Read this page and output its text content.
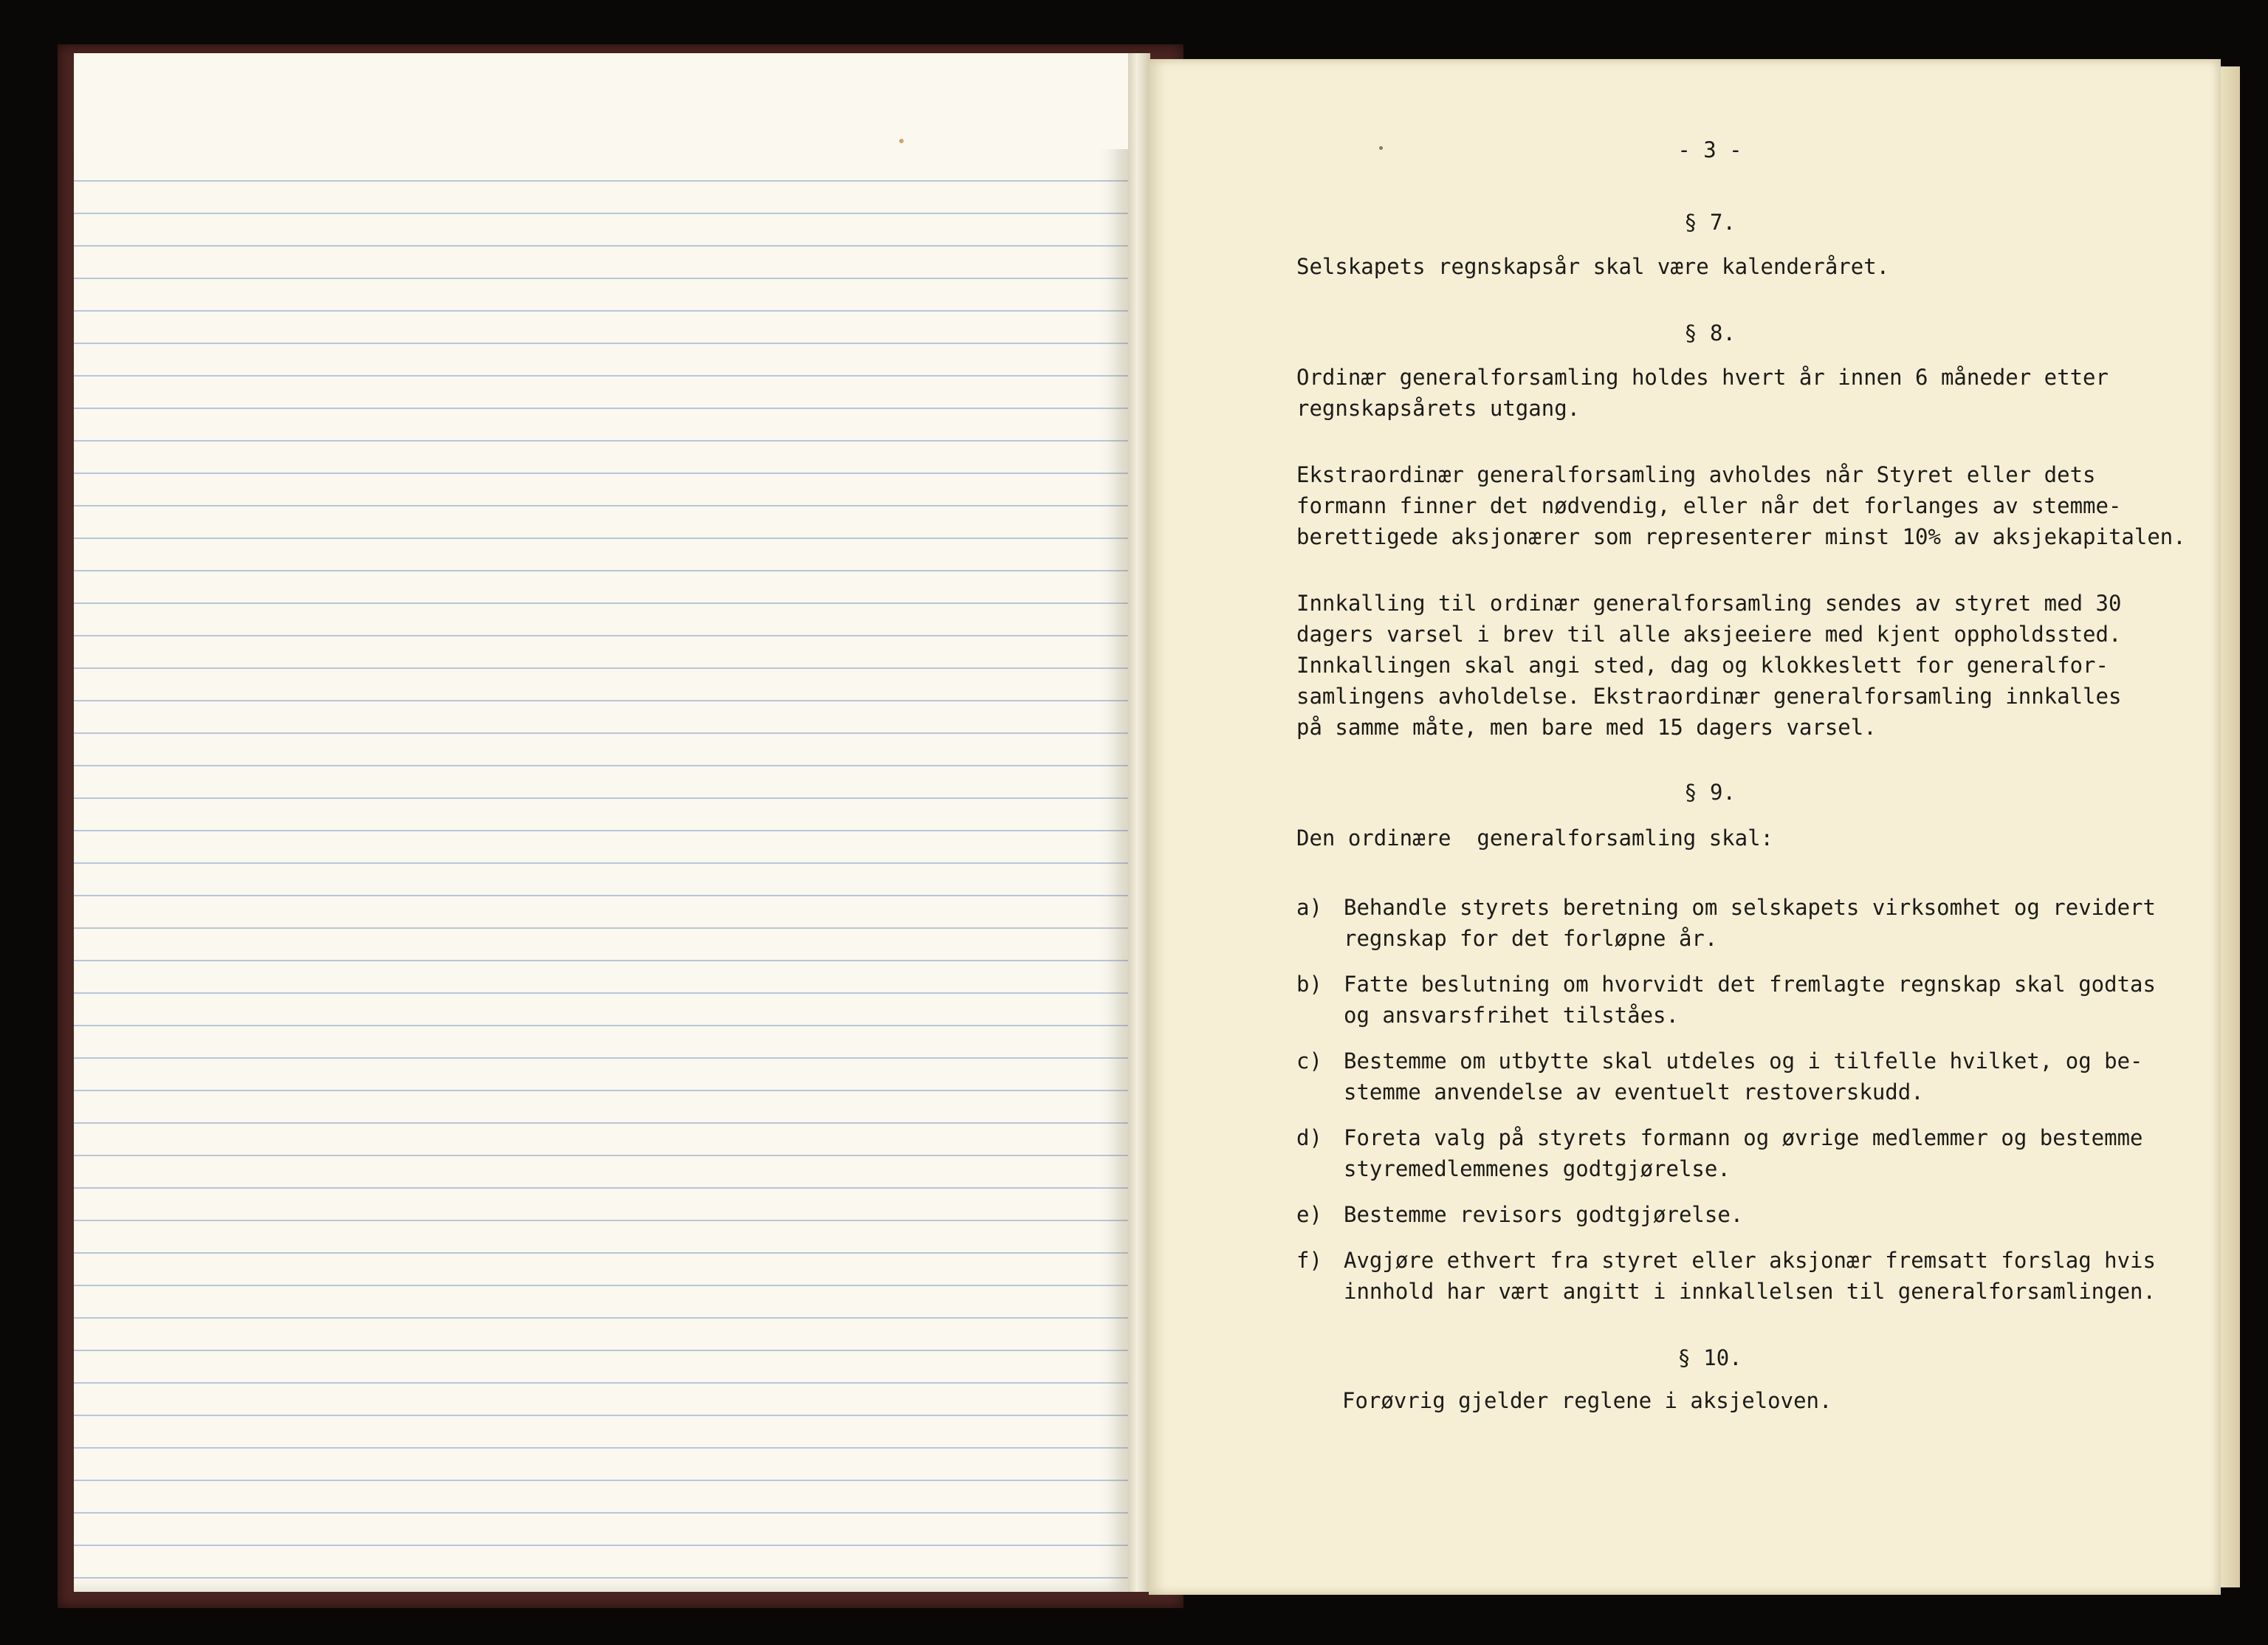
- 3 -

§ 7.

Selskapets regnskapsår skal være kalenderåret.

§ 8.

Ordinær generalforsamling holdes hvert år innen 6 måneder etter

regnskapsårets utgang.

Ekstraordinær generalforsamling avholdes når Styret eller dets

formann finner det nødvendig, eller når det forlanges av stemme-

berettigede aksjonærer som representerer minst 10% av aksjekapitalen.

Innkalling til ordinær generalforsamling sendes av styret med 30

dagers varsel i brev til alle aksjeeiere med kjent oppholdssted.

Innkallingen skal angi sted, dag og klokkeslett for generalfor-

samlingens avholdelse. Ekstraordinær generalforsamling innkalles

på samme måte, men bare med 15 dagers varsel.

§ 9.

Den ordinære  generalforsamling skal:

a)

Behandle styrets beretning om selskapets virksomhet og revidert

regnskap for det forløpne år.

b)

Fatte beslutning om hvorvidt det fremlagte regnskap skal godtas

og ansvarsfrihet tilståes.

c)

Bestemme om utbytte skal utdeles og i tilfelle hvilket, og be-

stemme anvendelse av eventuelt restoverskudd.

d)

Foreta valg på styrets formann og øvrige medlemmer og bestemme

styremedlemmenes godtgjørelse.

e)

Bestemme revisors godtgjørelse.

f)

Avgjøre ethvert fra styret eller aksjonær fremsatt forslag hvis

innhold har vært angitt i innkallelsen til generalforsamlingen.

§ 10.

Forøvrig gjelder reglene i aksjeloven.
